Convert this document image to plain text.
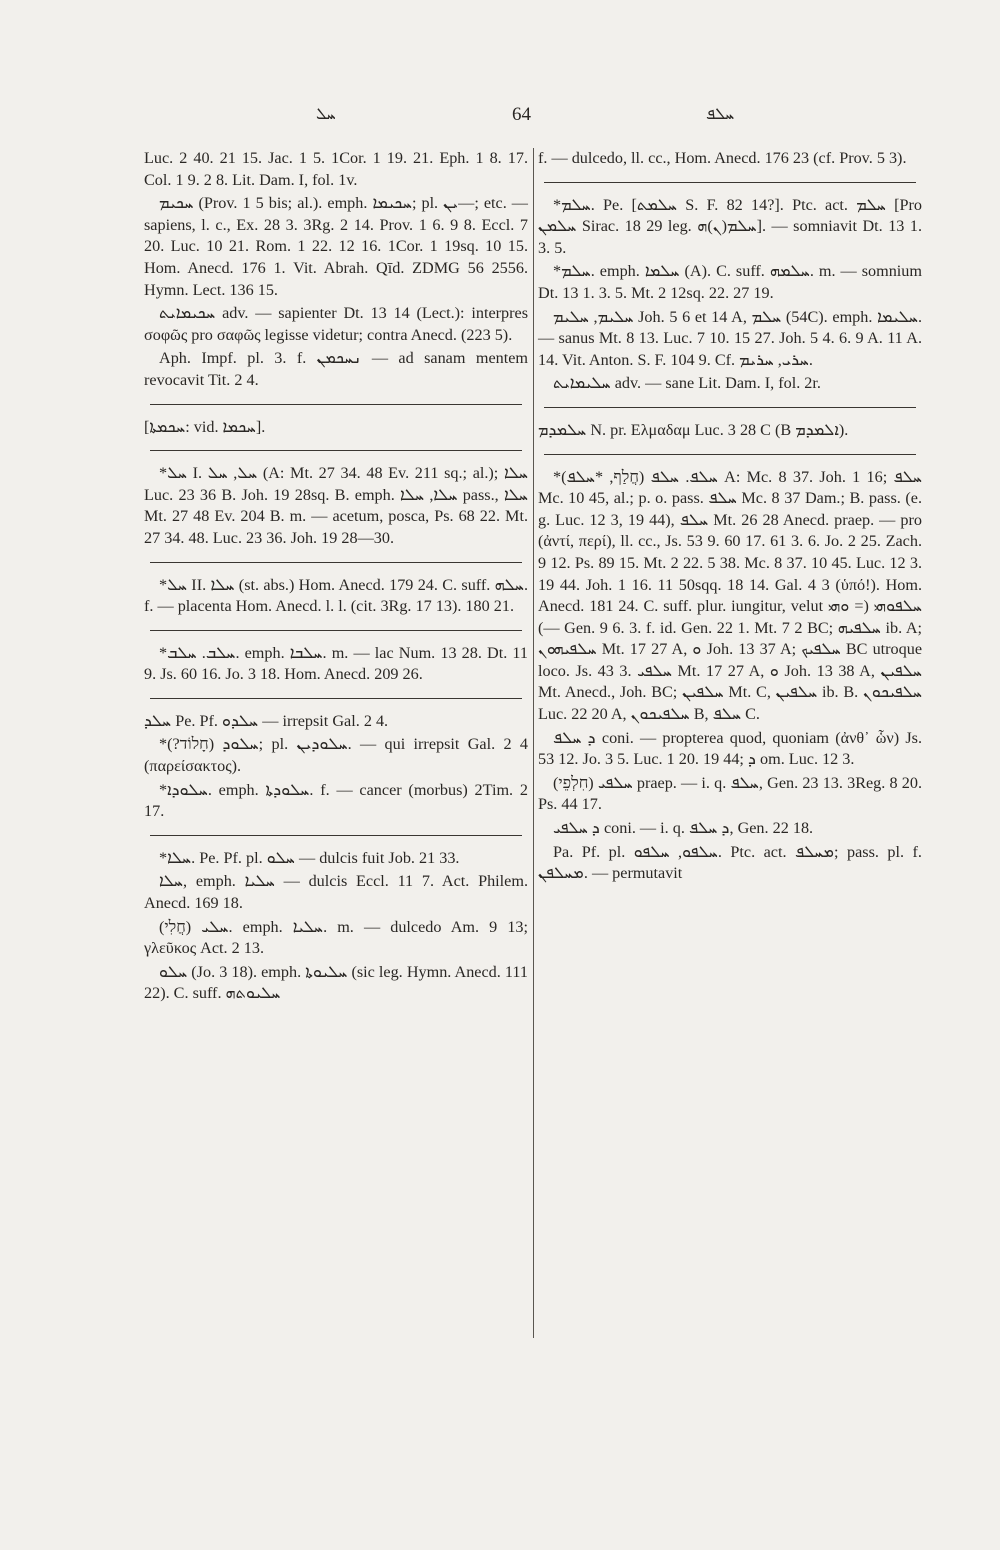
ܚܠ	64	ܚܠܦ

Luc. 2 40. 21 15. Jac. 1 5. 1Cor. 1 19. 21. Eph. 1 8. 17. Col. 1 9. 2 8. Lit. Dam. I, fol. 1v.

ܚܟܝܡ (Prov. 1 5 bis; al.). emph. ܚܟܝܡܐ; pl. ܝܢ—; etc. — sapiens, l. c., Ex. 28 3. 3Rg. 2 14. Prov. 1 6. 9 8. Eccl. 7 20. Luc. 10 21. Rom. 1 22. 12 16. 1Cor. 1 19sq. 10 15. Hom. Anecd. 176 1. Vit. Abrah. Qīd. ZDMG 56 2556. Hymn. Lect. 136 15.

ܚܟܝܡܐܝܬ adv. — sapienter Dt. 13 14 (Lect.): interpres σοφῶς pro σαφῶς legisse videtur; contra Anecd. (223 5).

Aph. Impf. pl. 3. f. ܢܚܟܡܢ — ad sanam mentem revocavit Tit. 2 4.

[ܚܟܡܬܐ: vid. ܚܟܡܐ].

*ܚܠ I. ܚܠ, ܚܠ (A: Mt. 27 34. 48 Ev. 211 sq.; al.); ܚܠܐ Luc. 23 36 B. Joh. 19 28sq. B. emph. ܚܠܐ, ܚܠܐ pass., ܚܠܐ Mt. 27 48 Ev. 204 B. m. — acetum, posca, Ps. 68 22. Mt. 27 34. 48. Luc. 23 36. Joh. 19 28—30.

*ܚܠ II. ܚܠܐ (st. abs.) Hom. Anecd. 179 24. C. suff. ܚܠܗ. f. — placenta Hom. Anecd. l. l. (cit. 3Rg. 17 13). 180 21.

*ܚܠܒ. ܚܠܒ. emph. ܚܠܒܐ. m. — lac Num. 13 28. Dt. 11 9. Js. 60 16. Jo. 3 18. Hom. Anecd. 209 26.

ܚܠܕ Pe. Pf. ܚܠܕܘ — irrepsit Gal. 2 4.

*ܚܠܘܕ (חָלוֹד?); pl. ܚܠܘܕܝܢ. — qui irrepsit Gal. 2 4 (παρείσακτος).

*ܚܠܘܕܐ. emph. ܚܠܘܕܬܐ. f. — cancer (morbus) 2Tim. 2 17.

*ܚܠܐ. Pe. Pf. pl. ܚܠܘ — dulcis fuit Job. 21 33.

ܚܠܐ, emph. ܚܠܝܐ — dulcis Eccl. 11 7. Act. Philem. Anecd. 169 18.

ܚܠܝ (חֲלִי). emph. ܚܠܝܐ. m. — dulcedo Am. 9 13; γλεῦκος Act. 2 13.

ܚܠܘ (Jo. 3 18). emph. ܚܠܝܘܬܐ (sic leg. Hymn. Anecd. 111 22). C. suff. ܚܠܝܘܬܗ

f. — dulcedo, ll. cc., Hom. Anecd. 176 23 (cf. Prov. 5 3).

*ܚܠܡ. Pe. [ܚܠܡܬ S. F. 82 14?]. Ptc. act. ܚܠܡ [Pro ܚܠܡܢ Sirac. 18 29 leg. ܚܠܡ(ܢ)ܗ]. — somniavit Dt. 13 1. 3. 5.

*ܚܠܡ. emph. ܚܠܡܐ (A). C. suff. ܚܠܡܗ. m. — somnium Dt. 13 1. 3. 5. Mt. 2 12sq. 22. 27 19.

ܚܠܝܡ, ܚܠܝܡ Joh. 5 6 et 14 A, ܚܠܡ (54C). emph. ܚܠܝܡܐ. — sanus Mt. 8 13. Luc. 7 10. 15 27. Joh. 5 4. 6. 9 A. 11 A. 14. Vit. Anton. S. F. 104 9. Cf. ܚܪܝ, ܚܪܝܡ.

ܚܠܝܡܐܝܬ adv. — sane Lit. Dam. I, fol. 2r.

ܚܠܡܕܡ N. pr. Ελμαδαμ Luc. 3 28 C (B ܐܠܡܕܡ).

*ܚܠܦ. ܚܠܦ (חֲלַף, *ܚܠܦ) A: Mc. 8 37. Joh. 1 16; ܚܠܦ Mc. 10 45, al.; p. o. pass. ܚܠܦ Mc. 8 37 Dam.; B. pass. (e. g. Luc. 12 3, 19 44), ܚܠܦ Mt. 26 28 Anecd. praep. — pro (ἀντί, περί), ll. cc., Js. 53 9. 60 17. 61 3. 6. Jo. 2 25. Zach. 9 12. Ps. 89 15. Mt. 2 22. 5 38. Mc. 8 37. 10 45. Luc. 12 3. 19 44. Joh. 1 16. 11 50sqq. 18 14. Gal. 4 3 (ὑπό!). Hom. Anecd. 181 24. C. suff. plur. iungitur, velut ܚܠܦܘܗܝ (= ܘܗܝ—) Gen. 9 6. 3. f. id. Gen. 22 1. Mt. 7 2 BC; ܚܠܦܝܗ ib. A; ܚܠܦܝܗܘܢ Mt. 17 27 A, ܘ Joh. 13 37 A; ܚܠܦܝܟ BC utroque loco. Js. 43 3. ܚܠܦܝ Mt. 17 27 A, ܘ Joh. 13 38 A, ܚܠܦܝܢ Mt. Anecd., Joh. BC; ܚܠܦܝܢ Mt. C, ܚܠܦܝܢ ib. B. ܚܠܦܝܟܘܢ Luc. 22 20 A, ܚܠܦܝܟܘܢ B, ܚܠܦ C.

ܕ ܚܠܦ coni. — propterea quod, quoniam (ἀνθ᾽ ὧν) Js. 53 12. Jo. 3 5. Luc. 1 20. 19 44; ܕ om. Luc. 12 3.

ܚܠܦܝ (חִלְפֵי) praep. — i. q. ܚܠܦ, Gen. 23 13. 3Reg. 8 20. Ps. 44 17.

ܕ ܚܠܦܝ coni. — i. q. ܕ ܚܠܦ, Gen. 22 18.

Pa. Pf. pl. ܚܠܦܘ, ܚܠܦܘ. Ptc. act. ܡܚܠܦ; pass. pl. f. ܡܚܠܦܢ. — permutavit
